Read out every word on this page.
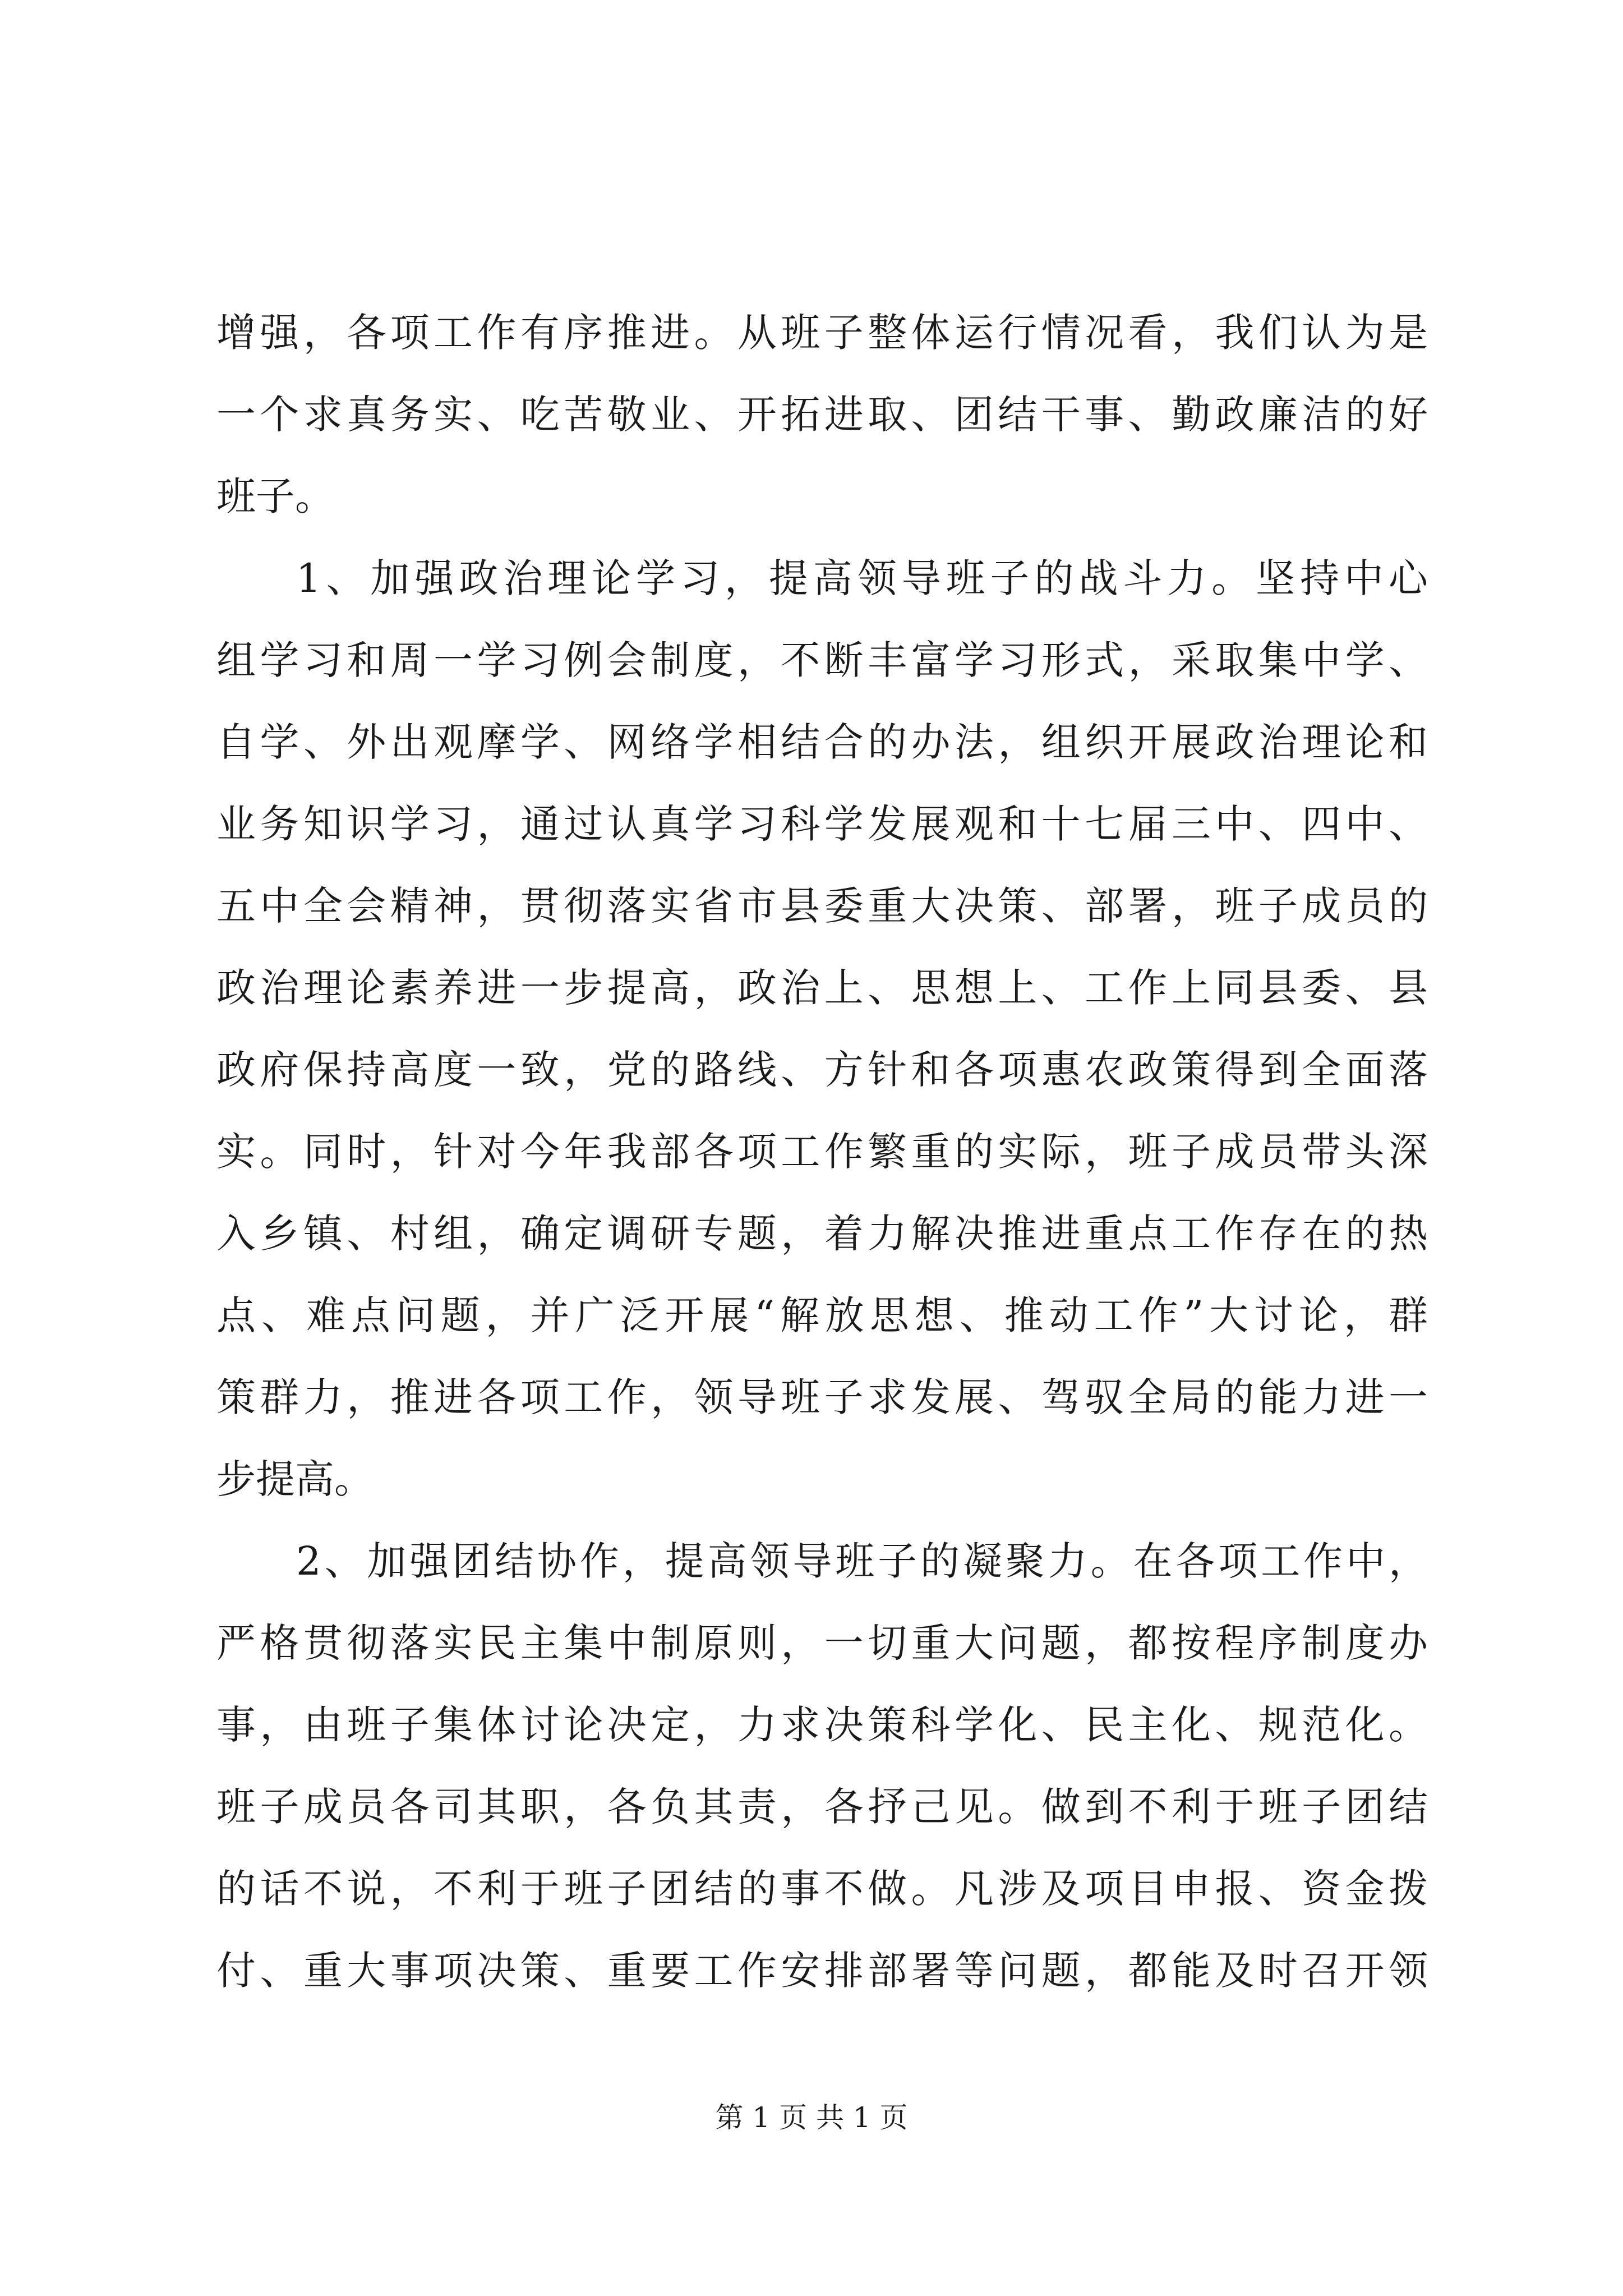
增强，各项工作有序推进。从班子整体运行情况看，我们认为是
一个求真务实、吃苦敬业、开拓进取、团结干事、勤政廉洁的好
班子。
1、加强政治理论学习，提高领导班子的战斗力。坚持中心
组学习和周一学习例会制度，不断丰富学习形式，采取集中学、
自学、外出观摩学、网络学相结合的办法，组织开展政治理论和
业务知识学习，通过认真学习科学发展观和十七届三中、四中、
五中全会精神，贯彻落实省市县委重大决策、部署，班子成员的
政治理论素养进一步提高，政治上、思想上、工作上同县委、县
政府保持高度一致，党的路线、方针和各项惠农政策得到全面落
实。同时，针对今年我部各项工作繁重的实际，班子成员带头深
入乡镇、村组，确定调研专题，着力解决推进重点工作存在的热
点、难点问题，并广泛开展“解放思想、推动工作”大讨论，群
策群力，推进各项工作，领导班子求发展、驾驭全局的能力进一
步提高。
2、加强团结协作，提高领导班子的凝聚力。在各项工作中，
严格贯彻落实民主集中制原则，一切重大问题，都按程序制度办
事，由班子集体讨论决定，力求决策科学化、民主化、规范化。
班子成员各司其职，各负其责，各抒己见。做到不利于班子团结
的话不说，不利于班子团结的事不做。凡涉及项目申报、资金拨
付、重大事项决策、重要工作安排部署等问题，都能及时召开领
第 1 页 共 1 页
